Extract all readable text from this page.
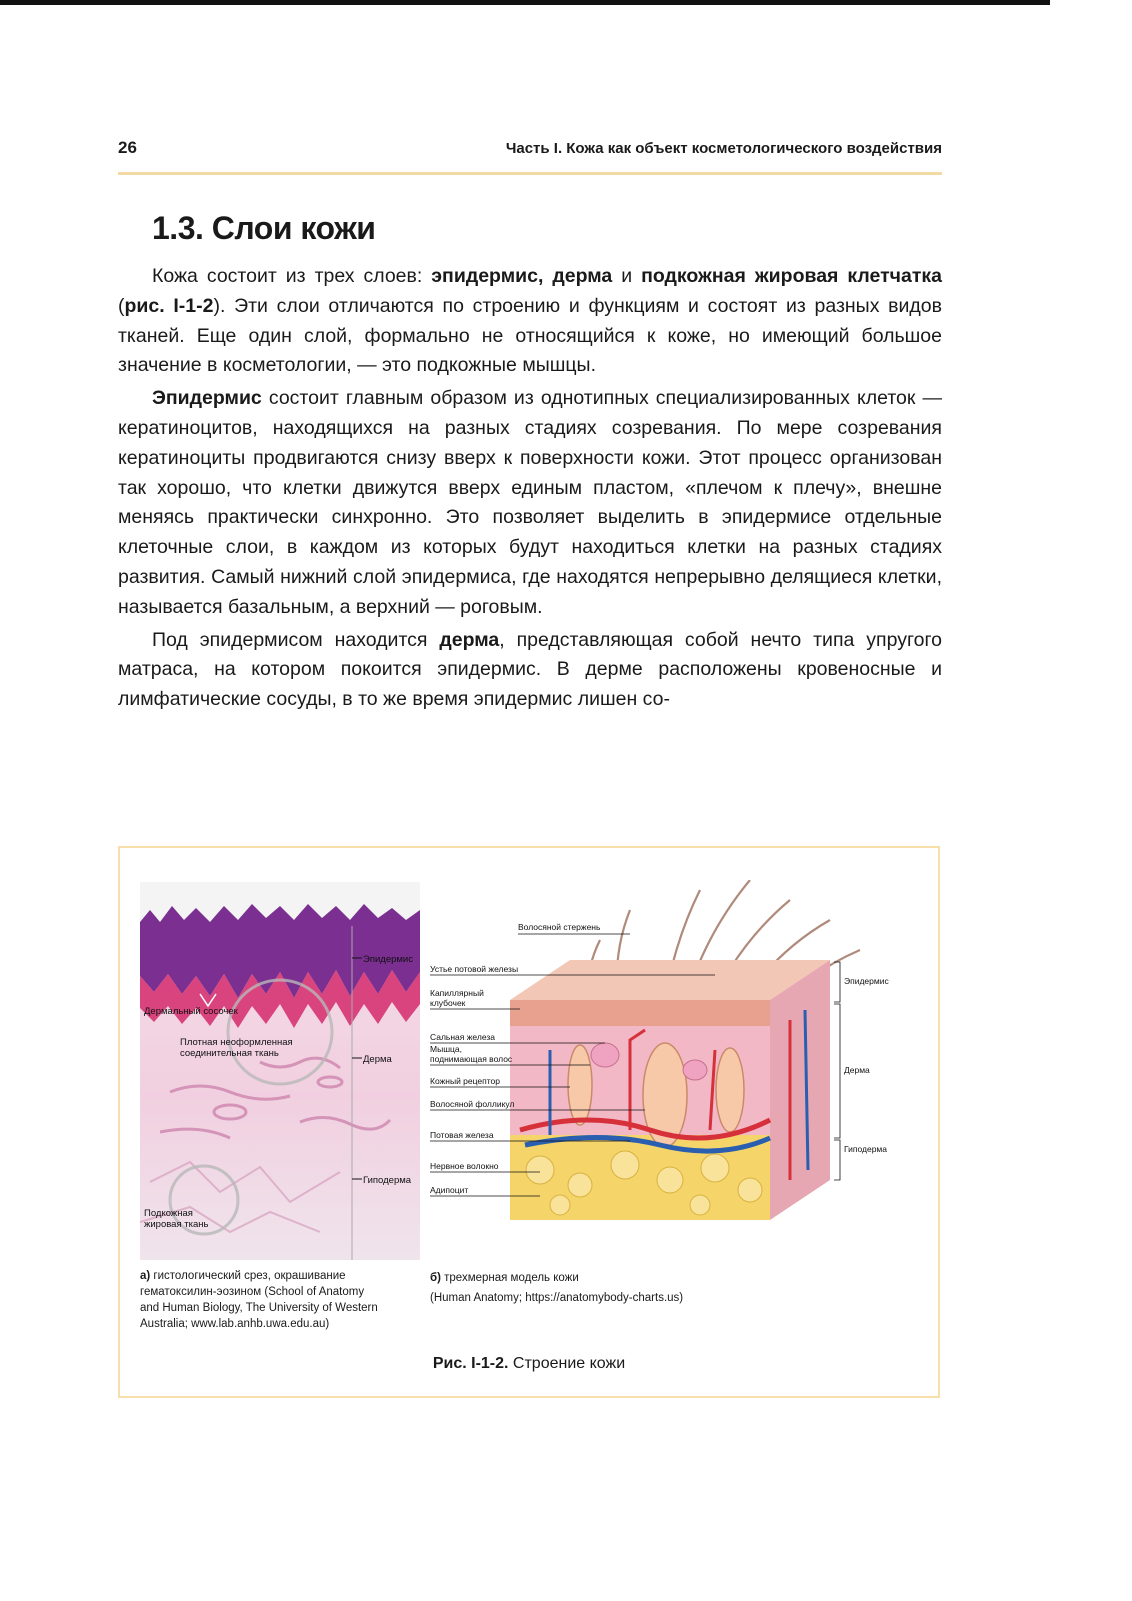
26	Часть I. Кожа как объект косметологического воздействия
1.3. Слои кожи

Кожа состоит из трех слоев: эпидермис, дерма и подкожная жировая клетчатка (рис. I-1-2). Эти слои отличаются по строению и функциям и состоят из разных видов тканей. Еще один слой, формально не относящийся к коже, но имеющий большое значение в косметологии, — это подкожные мышцы.

Эпидермис состоит главным образом из однотипных специализированных клеток — кератиноцитов, находящихся на разных стадиях созревания. По мере созревания кератиноциты продвигаются снизу вверх к поверхности кожи. Этот процесс организован так хорошо, что клетки движутся вверх единым пластом, «плечом к плечу», внешне меняясь практически синхронно. Это позволяет выделить в эпидермисе отдельные клеточные слои, в каждом из которых будут находиться клетки на разных стадиях развития. Самый нижний слой эпидермиса, где находятся непрерывно делящиеся клетки, называется базальным, а верхний — роговым.

Под эпидермисом находится дерма, представляющая собой нечто типа упругого матраса, на котором покоится эпидермис. В дерме расположены кровеносные и лимфатические сосуды, в то же время эпидермис лишен со-

Эпидермис
Дермальный сосочек
Плотная неоформленная
соединительная ткань
Дерма
Гиподерма
Подкожная
жировая ткань
Волосяной стержень
Устье потовой железы
Капиллярный
клубочек
Сальная железа
Мышца,
поднимающая волос
Кожный рецептор
Волосяной фолликул
Потовая железа
Нервное волокно
Адипоцит
Эпидермис
Дерма
Гиподерма
а) гистологический срез, окрашивание
гематоксилин-эозином (School of Anatomy
and Human Biology, The University of Western
Australia; www.lab.anhb.uwa.edu.au)
б) трехмерная модель кожи
(Human Anatomy; https://anatomybody-charts.us)
Рис. I-1-2. Строение кожи
